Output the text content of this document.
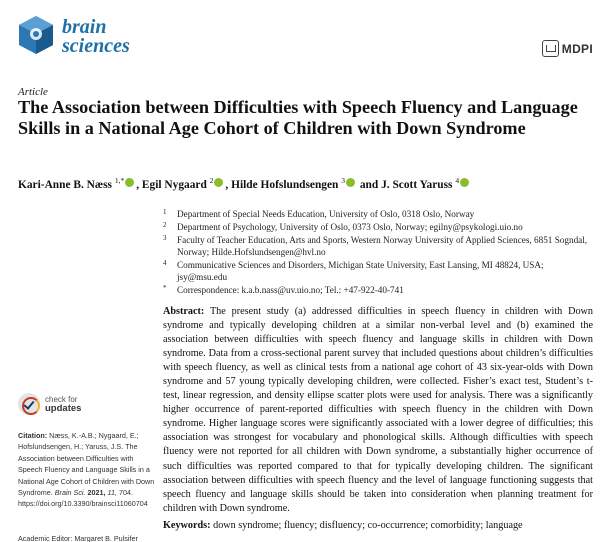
brain
sciences	MDPI
Article
The Association between Difficulties with Speech Fluency and Language Skills in a National Age Cohort of Children with Down Syndrome
Kari-Anne B. Næss $^{1,*}$ , Egil Nygaard $^2$ , Hilde Hofslundsengen $^3$ and J. Scott Yaruss $^4$
1	Department of Special Needs Education, University of Oslo, 0318 Oslo, Norway
2	Department of Psychology, University of Oslo, 0373 Oslo, Norway; egilny@psykologi.uio.no
3	Faculty of Teacher Education, Arts and Sports, Western Norway University of Applied Sciences, 6851 Sogndal, Norway; Hilde.Hofslundsengen@hvl.no
4	Communicative Sciences and Disorders, Michigan State University, East Lansing, MI 48824, USA; jsy@msu.edu
*	Correspondence: k.a.b.nass@uv.uio.no; Tel.: +47-922-40-741
Abstract: The present study (a) addressed difficulties in speech fluency in children with Down syndrome and typically developing children at a similar non-verbal level and (b) examined the association between difficulties with speech fluency and language skills in children with Down syndrome. Data from a cross-sectional parent survey that included questions about children’s difficulties with speech fluency, as well as clinical tests from a national age cohort of 43 six-year-olds with Down syndrome and 57 young typically developing children, were collected. Fisher’s exact test, Student’s t-test, linear regression, and density ellipse scatter plots were used for analysis. There was a significantly higher occurrence of parent-reported difficulties with speech fluency in the children with Down syndrome. Higher language scores were significantly associated with a lower degree of difficulties; this association was strongest for vocabulary and phonological skills. Although difficulties with speech fluency were not reported for all children with Down syndrome, a substantially higher occurrence of such difficulties was reported compared to that for typically developing children. The significant association between difficulties with speech fluency and the level of language functioning suggests that speech fluency and language skills should be taken into consideration when planning treatment for children with Down syndrome.
Keywords: down syndrome; fluency; disfluency; co-occurrence; comorbidity; language
check for
updates
Citation: Næss, K.-A.B.; Nygaard, E.; Hofslundsengen, H.; Yaruss, J.S. The Association between Difficulties with Speech Fluency and Language Skills in a National Age Cohort of Children with Down Syndrome. Brain Sci. 2021, 11, 704. https://doi.org/10.3390/brainsci11060704
Academic Editor: Margaret B. Pulsifer
